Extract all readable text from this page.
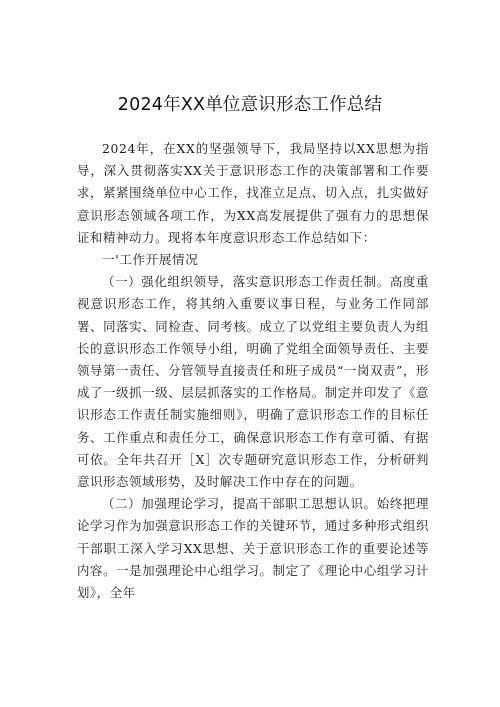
2024年XX单位意识形态工作总结

2024年，在XX的坚强领导下，我局坚持以XX思想为指导，深入贯彻落实XX关于意识形态工作的决策部署和工作要求，紧紧围绕单位中心工作，找准立足点、切入点，扎实做好意识形态领域各项工作，为XX高发展提供了强有力的思想保证和精神动力。现将本年度意识形态工作总结如下：

一'工作开展情况

（一）强化组织领导，落实意识形态工作责任制。高度重视意识形态工作，将其纳入重要议事日程，与业务工作同部署、同落实、同检查、同考核。成立了以党组主要负责人为组长的意识形态工作领导小组，明确了党组全面领导责任、主要领导第一责任、分管领导直接责任和班子成员“一岗双责”，形成了一级抓一级、层层抓落实的工作格局。制定并印发了《意识形态工作责任制实施细则》，明确了意识形态工作的目标任务、工作重点和责任分工，确保意识形态工作有章可循、有据可依。全年共召开［X］次专题研究意识形态工作，分析研判意识形态领域形势，及时解决工作中存在的问题。

（二）加强理论学习，提高干部职工思想认识。始终把理论学习作为加强意识形态工作的关键环节，通过多种形式组织干部职工深入学习XX思想、关于意识形态工作的重要论述等内容。一是加强理论中心组学习。制定了《理论中心组学习计划》，全年
